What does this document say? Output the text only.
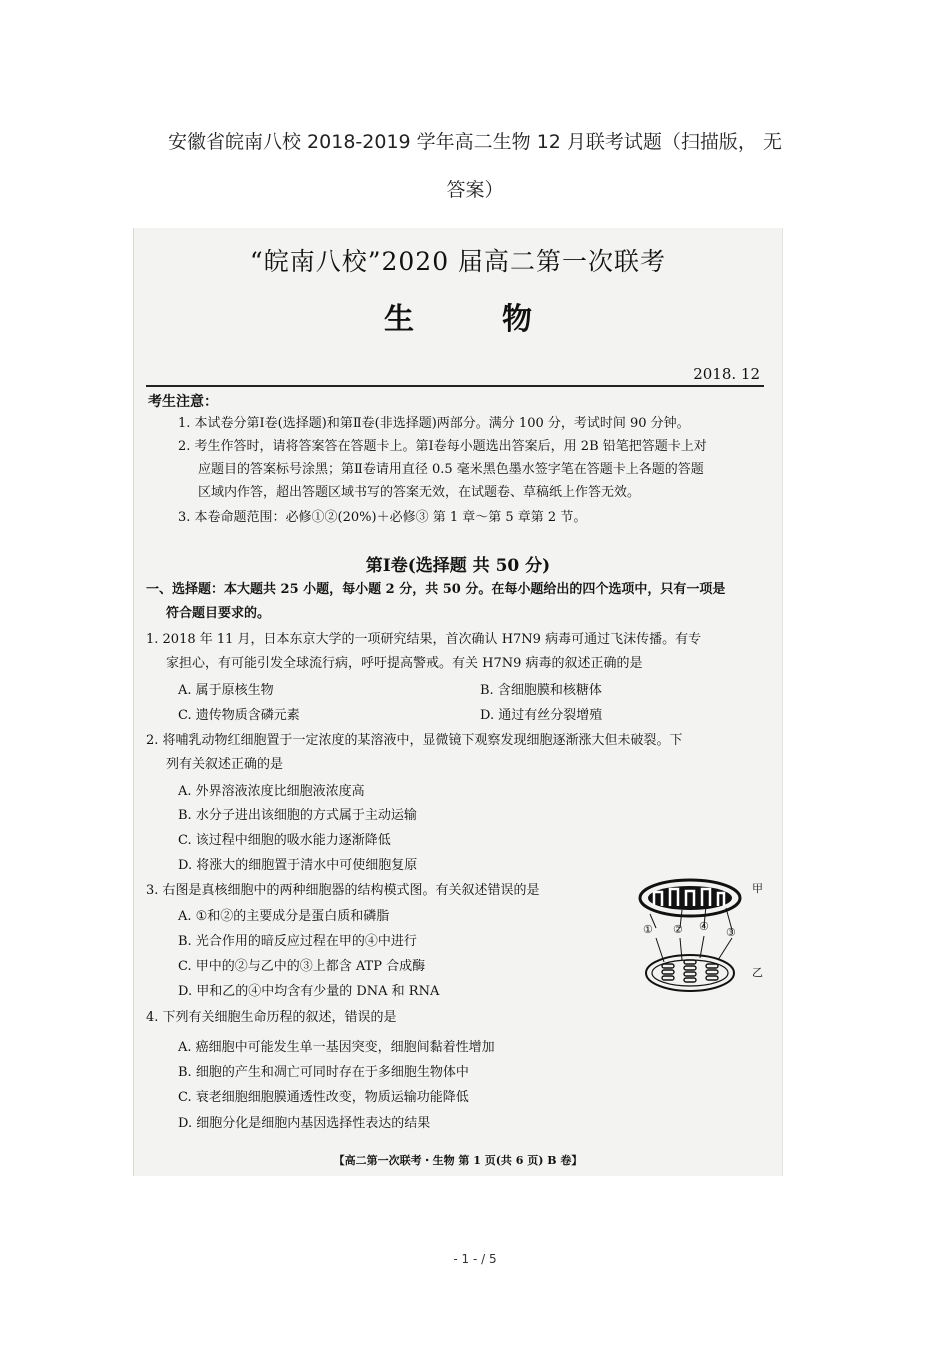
安徽省皖南八校 2018-2019 学年高二生物 12 月联考试题（扫描版， 无
答案）
“皖南八校”2020 届高二第一次联考
生	物
2018. 12
考生注意：
1. 本试卷分第Ⅰ卷(选择题)和第Ⅱ卷(非选择题)两部分。满分 100 分，考试时间 90 分钟。
2. 考生作答时，请将答案答在答题卡上。第Ⅰ卷每小题选出答案后，用 2B 铅笔把答题卡上对
应题目的答案标号涂黑；第Ⅱ卷请用直径 0.5 毫米黑色墨水签字笔在答题卡上各题的答题
区域内作答，超出答题区域书写的答案无效，在试题卷、草稿纸上作答无效。
3. 本卷命题范围：必修①②(20%)＋必修③ 第 1 章～第 5 章第 2 节。
第Ⅰ卷(选择题 共 50 分)
一、选择题：本大题共 25 小题，每小题 2 分，共 50 分。在每小题给出的四个选项中，只有一项是
符合题目要求的。
1. 2018 年 11 月，日本东京大学的一项研究结果，首次确认 H7N9 病毒可通过飞沫传播。有专
家担心，有可能引发全球流行病，呼吁提高警戒。有关 H7N9 病毒的叙述正确的是
A. 属于原核生物	B. 含细胞膜和核糖体
C. 遗传物质含磷元素	D. 通过有丝分裂增殖
2. 将哺乳动物红细胞置于一定浓度的某溶液中，显微镜下观察发现细胞逐渐涨大但未破裂。下
列有关叙述正确的是
A. 外界溶液浓度比细胞液浓度高
B. 水分子进出该细胞的方式属于主动运输
C. 该过程中细胞的吸水能力逐渐降低
D. 将涨大的细胞置于清水中可使细胞复原
3. 右图是真核细胞中的两种细胞器的结构模式图。有关叙述错误的是
A. ①和②的主要成分是蛋白质和磷脂
B. 光合作用的暗反应过程在甲的④中进行
C. 甲中的②与乙中的③上都含 ATP 合成酶
D. 甲和乙的④中均含有少量的 DNA 和 RNA
甲
乙
① ② ④ ③
4. 下列有关细胞生命历程的叙述，错误的是
A. 癌细胞中可能发生单一基因突变，细胞间黏着性增加
B. 细胞的产生和凋亡可同时存在于多细胞生物体中
C. 衰老细胞细胞膜通透性改变，物质运输功能降低
D. 细胞分化是细胞内基因选择性表达的结果
【高二第一次联考・生物 第 1 页(共 6 页) B 卷】
- 1 - / 5
